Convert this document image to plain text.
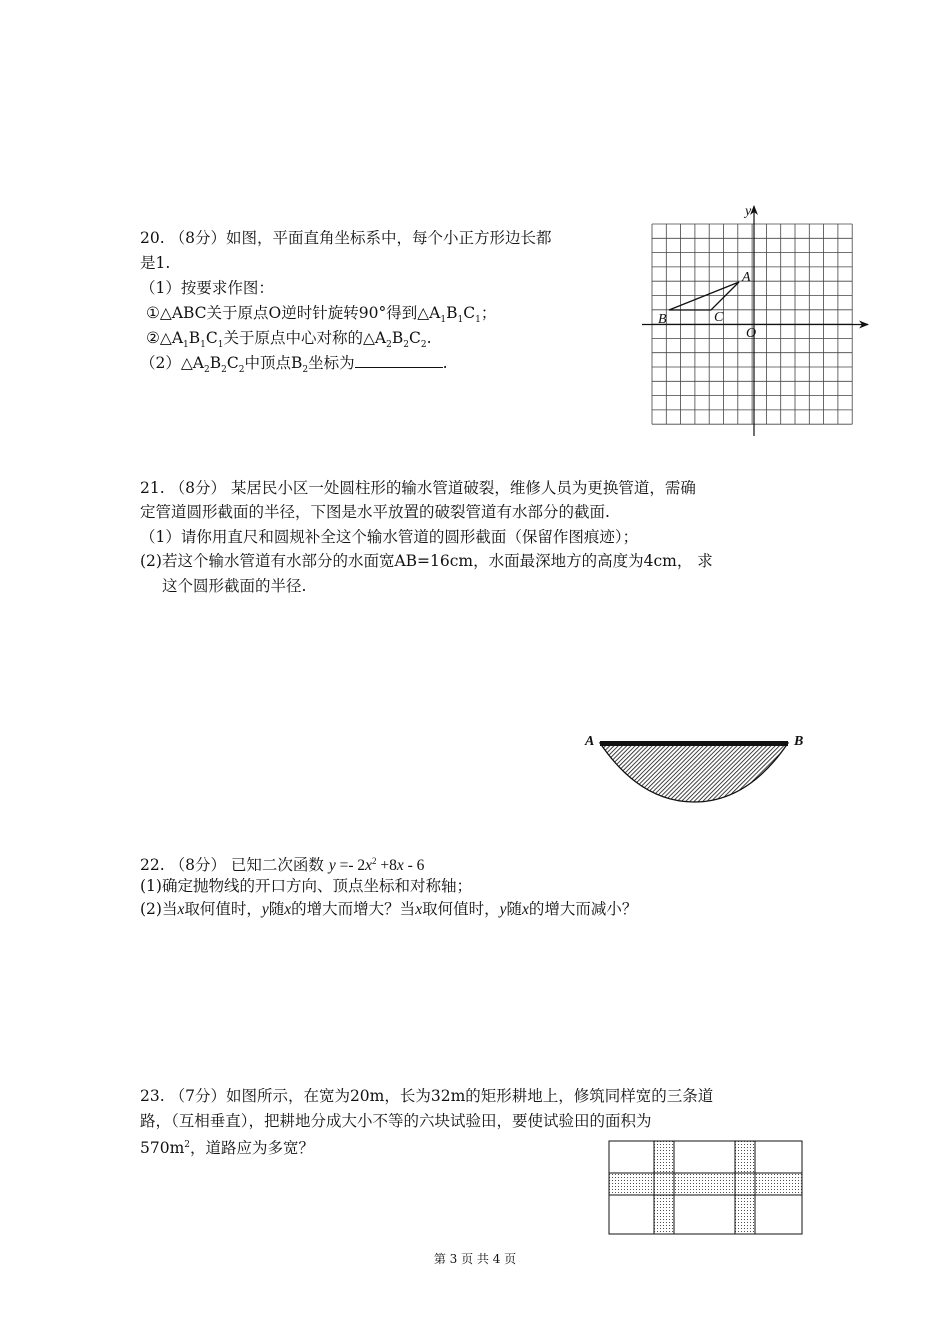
20. （8分）如图，平面直角坐标系中，每个小正方形边长都
是1.
（1）按要求作图：
①△ABC关于原点O逆时针旋转90°得到$\triangle A_1B_1C_1$；
$②\triangle A_1B_1C_1$关于原点中心对称的$\triangle A_2B_2C_2$.
$(2)\triangle A_2B_2C_2$中顶点$B_2$坐标为	.
y
A
B	C
O
21. （8分） 某居民小区一处圆柱形的输水管道破裂，维修人员为更换管道，需确
定管道圆形截面的半径，下图是水平放置的破裂管道有水部分的截面.
（1）请你用直尺和圆规补全这个输水管道的圆形截面（保留作图痕迹）；
(2)若这个输水管道有水部分的水面宽AB=16cm，水面最深地方的高度为4cm， 求
这个圆形截面的半径.
A	B
22. （8分） 已知二次函数 $y =- 2x^2 +8x - 6$
(1)确定抛物线的开口方向、顶点坐标和对称轴；
(2)当x取何值时，y随x的增大而增大？当x取何值时，y随x的增大而减小？
23. （7分）如图所示，在宽为20m，长为32m的矩形耕地上，修筑同样宽的三条道
路，（互相垂直），把耕地分成大小不等的六块试验田，要使试验田的面积为
$570m^2$，道路应为多宽？
第 3 页 共 4 页
